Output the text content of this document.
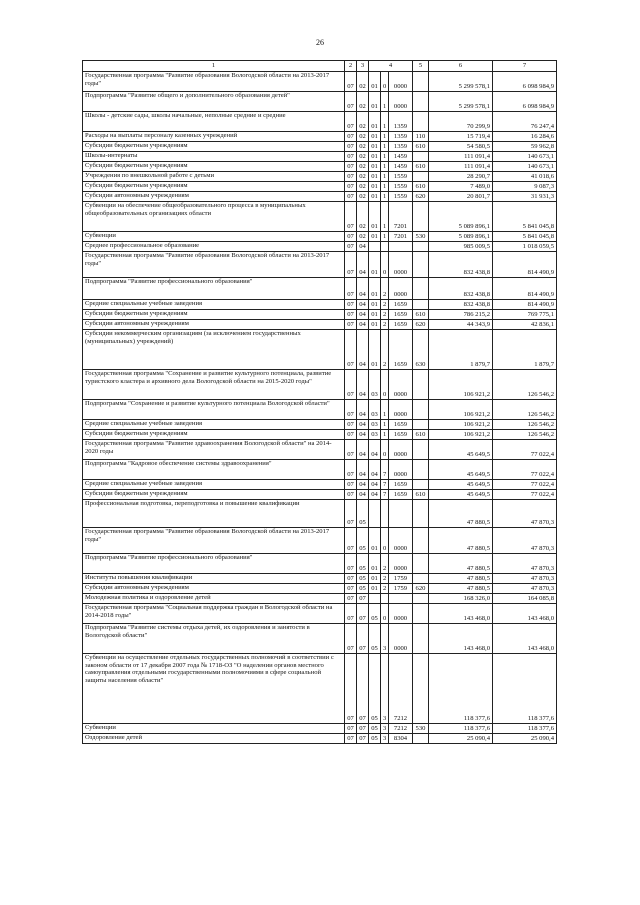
26
1	2	3	4			5	6	7
Государственная программа "Развитие образования Вологодской области на 2013-2017 годы"	07	02	01	0	0000		5 299 578,1	6 098 984,9
Подпрограмма "Развитие общего и дополнительного образования детей"	07	02	01	1	0000		5 299 578,1	6 098 984,9
Школы - детские сады, школы начальные, неполные средние и средние	07	02	01	1	1359		70 299,9	76 247,4
Расходы на выплаты персоналу казенных учреждений	07	02	01	1	1359	110	15 719,4	16 284,6
Субсидии бюджетным учреждениям	07	02	01	1	1359	610	54 580,5	59 962,8
Школы-интернаты	07	02	01	1	1459		111 091,4	140 673,1
Субсидии бюджетным учреждениям	07	02	01	1	1459	610	111 091,4	140 673,1
Учреждения по внешкольной работе с детьми	07	02	01	1	1559		28 290,7	41 018,6
Субсидии бюджетным учреждениям	07	02	01	1	1559	610	7 489,0	9 087,3
Субсидии автономным учреждениям	07	02	01	1	1559	620	20 801,7	31 931,3
Субвенции на обеспечение общеобразовательного процесса в муниципальных общеобразовательных организациях области	07	02	01	1	7201		5 089 896,1	5 841 045,8
Субвенции	07	02	01	1	7201	530	5 089 896,1	5 841 045,8
Среднее профессиональное образование	07	04					985 009,5	1 018 059,5
Государственная программа "Развитие образования Вологодской области на 2013-2017 годы"	07	04	01	0	0000		832 438,8	814 490,9
Подпрограмма "Развитие профессионального образования"	07	04	01	2	0000		832 438,8	814 490,9
Средние специальные учебные заведения	07	04	01	2	1659		832 438,8	814 490,9
Субсидии бюджетным учреждениям	07	04	01	2	1659	610	786 215,2	769 775,1
Субсидии автономным учреждениям	07	04	01	2	1659	620	44 343,9	42 836,1
Субсидии некоммерческим организациям (за исключением государственных (муниципальных) учреждений)	07	04	01	2	1659	630	1 879,7	1 879,7
Государственная программа "Сохранение и развитие культурного потенциала, развитие туристского кластера и архивного дела Вологодской области на 2015-2020 годы"	07	04	03	0	0000		106 921,2	126 546,2
Подпрограмма "Сохранение и развитие культурного потенциала Вологодской области"	07	04	03	1	0000		106 921,2	126 546,2
Средние специальные учебные заведения	07	04	03	1	1659		106 921,2	126 546,2
Субсидии бюджетным учреждениям	07	04	03	1	1659	610	106 921,2	126 546,2
Государственная программа "Развитие здравоохранения Вологодской области" на 2014-2020 годы	07	04	04	0	0000		45 649,5	77 022,4
Подпрограмма "Кадровое обеспечение системы здравоохранения"	07	04	04	7	0000		45 649,5	77 022,4
Средние специальные учебные заведения	07	04	04	7	1659		45 649,5	77 022,4
Субсидии бюджетным учреждениям	07	04	04	7	1659	610	45 649,5	77 022,4
Профессиональная подготовка, переподготовка и повышение квалификации	07	05					47 880,5	47 870,3
Государственная программа "Развитие образования Вологодской области на 2013-2017 годы"	07	05	01	0	0000		47 880,5	47 870,3
Подпрограмма "Развитие профессионального образования"	07	05	01	2	0000		47 880,5	47 870,3
Институты повышения квалификации	07	05	01	2	1759		47 880,5	47 870,3
Субсидии автономным учреждениям	07	05	01	2	1759	620	47 880,5	47 870,3
Молодежная политика и оздоровление детей	07	07					168 326,0	164 085,8
Государственная программа "Социальная поддержка граждан в Вологодской области на 2014-2018 годы"	07	07	05	0	0000		143 468,0	143 468,0
Подпрограмма "Развитие системы отдыха детей, их оздоровления и занятости в Вологодской области"	07	07	05	3	0000		143 468,0	143 468,0
Субвенции на осуществление отдельных государственных полномочий в соответствии с законом области от 17 декабря 2007 года № 1718-ОЗ "О наделении органов местного самоуправления отдельными государственными полномочиями в сфере социальной защиты населения области"	07	07	05	3	7212		118 377,6	118 377,6
Субвенции	07	07	05	3	7212	530	118 377,6	118 377,6
Оздоровление детей	07	07	05	3	8304		25 090,4	25 090,4
